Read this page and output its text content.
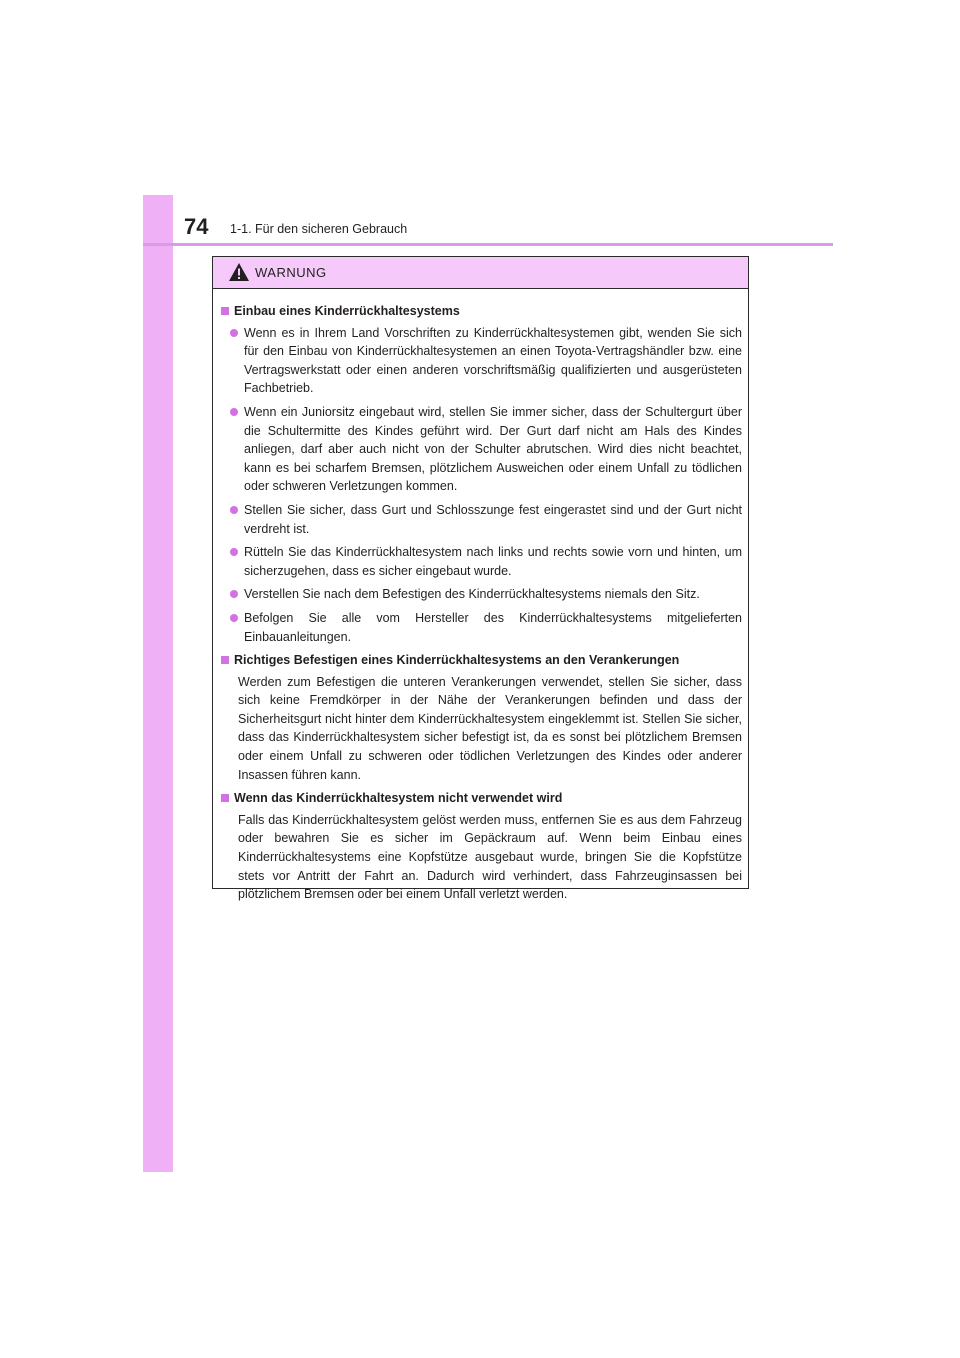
74 1-1. Für den sicheren Gebrauch
WARNUNG
Einbau eines Kinderrückhaltesystems
Wenn es in Ihrem Land Vorschriften zu Kinderrückhaltesystemen gibt, wenden Sie sich für den Einbau von Kinderrückhaltesystemen an einen Toyota-Vertragshändler bzw. eine Vertragswerkstatt oder einen anderen vorschriftsmäßig qualifizierten und ausgerüsteten Fachbetrieb.
Wenn ein Juniorsitz eingebaut wird, stellen Sie immer sicher, dass der Schultergurt über die Schultermitte des Kindes geführt wird. Der Gurt darf nicht am Hals des Kindes anliegen, darf aber auch nicht von der Schulter abrutschen. Wird dies nicht beachtet, kann es bei scharfem Bremsen, plötzlichem Ausweichen oder einem Unfall zu tödlichen oder schweren Verletzungen kommen.
Stellen Sie sicher, dass Gurt und Schlosszunge fest eingerastet sind und der Gurt nicht verdreht ist.
Rütteln Sie das Kinderrückhaltesystem nach links und rechts sowie vorn und hinten, um sicherzugehen, dass es sicher eingebaut wurde.
Verstellen Sie nach dem Befestigen des Kinderrückhaltesystems niemals den Sitz.
Befolgen Sie alle vom Hersteller des Kinderrückhaltesystems mitgelieferten Einbauanleitungen.
Richtiges Befestigen eines Kinderrückhaltesystems an den Verankerungen
Werden zum Befestigen die unteren Verankerungen verwendet, stellen Sie sicher, dass sich keine Fremdkörper in der Nähe der Verankerungen befinden und dass der Sicherheitsgurt nicht hinter dem Kinderrückhaltesystem eingeklemmt ist. Stellen Sie sicher, dass das Kinderrückhaltesystem sicher befestigt ist, da es sonst bei plötzlichem Bremsen oder einem Unfall zu schweren oder tödlichen Verletzungen des Kindes oder anderer Insassen führen kann.
Wenn das Kinderrückhaltesystem nicht verwendet wird
Falls das Kinderrückhaltesystem gelöst werden muss, entfernen Sie es aus dem Fahrzeug oder bewahren Sie es sicher im Gepäckraum auf. Wenn beim Einbau eines Kinderrückhaltesystems eine Kopfstütze ausgebaut wurde, bringen Sie die Kopfstütze stets vor Antritt der Fahrt an. Dadurch wird verhindert, dass Fahrzeuginsassen bei plötzlichem Bremsen oder bei einem Unfall verletzt werden.
